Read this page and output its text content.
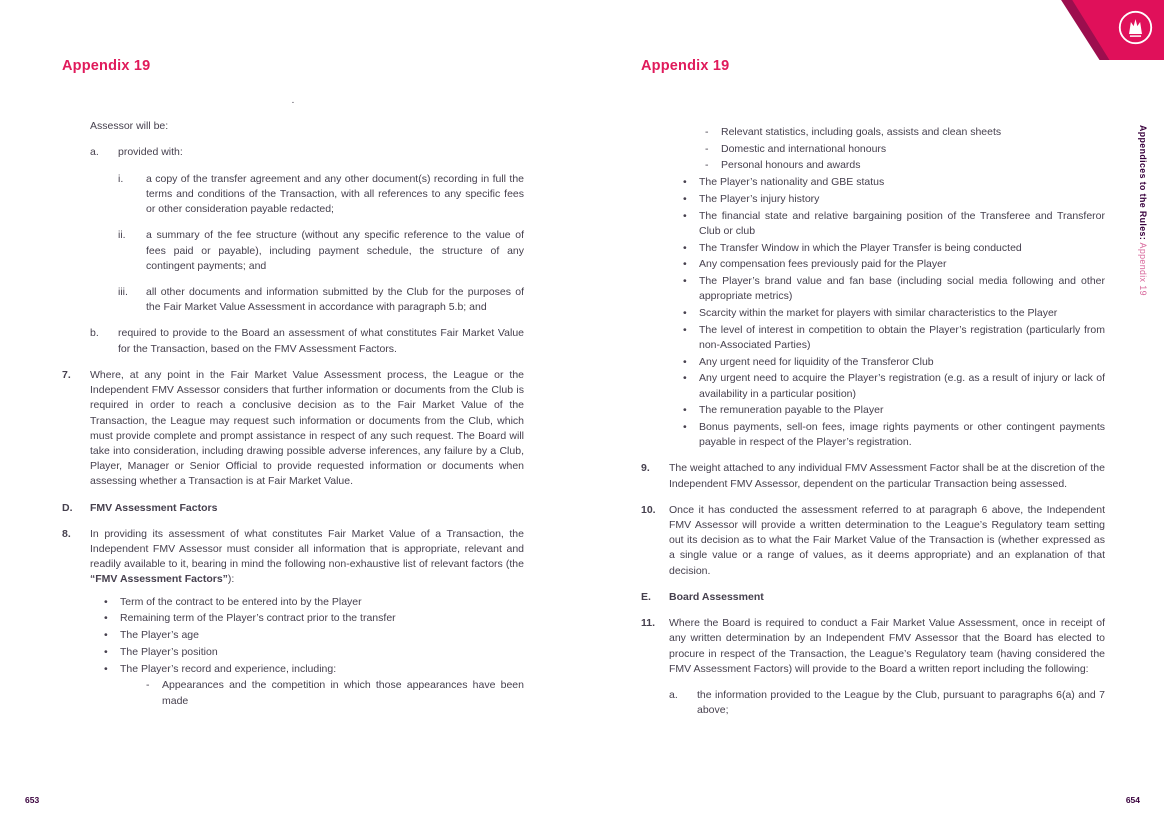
Appendices to the Rules: Appendix 19
Appendix 19
.
Assessor will be:
a.	provided with:
i.	a copy of the transfer agreement and any other document(s) recording in full the terms and conditions of the Transaction, with all references to any specific fees or other consideration payable redacted;
ii.	a summary of the fee structure (without any specific reference to the value of fees paid or payable), including payment schedule, the structure of any contingent payments; and
iii.	all other documents and information submitted by the Club for the purposes of the Fair Market Value Assessment in accordance with paragraph 5.b; and
b.	required to provide to the Board an assessment of what constitutes Fair Market Value for the Transaction, based on the FMV Assessment Factors.
7.	Where, at any point in the Fair Market Value Assessment process, the League or the Independent FMV Assessor considers that further information or documents from the Club is required in order to reach a conclusive decision as to the Fair Market Value of the Transaction, the League may request such information or documents from the Club, which must provide complete and prompt assistance in respect of any such request. The Board will take into consideration, including drawing possible adverse inferences, any failure by a Club, Player, Manager or Senior Official to provide requested information or documents when assessing whether a Transaction is at Fair Market Value.
D.	FMV Assessment Factors
8.	In providing its assessment of what constitutes Fair Market Value of a Transaction, the Independent FMV Assessor must consider all information that is appropriate, relevant and readily available to it, bearing in mind the following non-exhaustive list of relevant factors (the “FMV Assessment Factors”):
•	Term of the contract to be entered into by the Player
•	Remaining term of the Player’s contract prior to the transfer
•	The Player’s age
•	The Player’s position
•	The Player’s record and experience, including:
-	Appearances and the competition in which those appearances have been made
Appendix 19
-	Relevant statistics, including goals, assists and clean sheets
-	Domestic and international honours
-	Personal honours and awards
•	The Player’s nationality and GBE status
•	The Player’s injury history
•	The financial state and relative bargaining position of the Transferee and Transferor Club or club
•	The Transfer Window in which the Player Transfer is being conducted
•	Any compensation fees previously paid for the Player
•	The Player’s brand value and fan base (including social media following and other appropriate metrics)
•	Scarcity within the market for players with similar characteristics to the Player
•	The level of interest in competition to obtain the Player’s registration (particularly from non-Associated Parties)
•	Any urgent need for liquidity of the Transferor Club
•	Any urgent need to acquire the Player’s registration (e.g. as a result of injury or lack of availability in a particular position)
•	The remuneration payable to the Player
•	Bonus payments, sell-on fees, image rights payments or other contingent payments payable in respect of the Player’s registration.
9.	The weight attached to any individual FMV Assessment Factor shall be at the discretion of the Independent FMV Assessor, dependent on the particular Transaction being assessed.
10.	Once it has conducted the assessment referred to at paragraph 6 above, the Independent FMV Assessor will provide a written determination to the League’s Regulatory team setting out its decision as to what the Fair Market Value of the Transaction is (whether expressed as a single value or a range of values, as it deems appropriate) and an explanation of that decision.
E.	Board Assessment
11.	Where the Board is required to conduct a Fair Market Value Assessment, once in receipt of any written determination by an Independent FMV Assessor that the Board has elected to procure in respect of the Transaction, the League’s Regulatory team (having considered the FMV Assessment Factors) will provide to the Board a written report including the following:
a.	the information provided to the League by the Club, pursuant to paragraphs 6(a) and 7 above;
653	654
